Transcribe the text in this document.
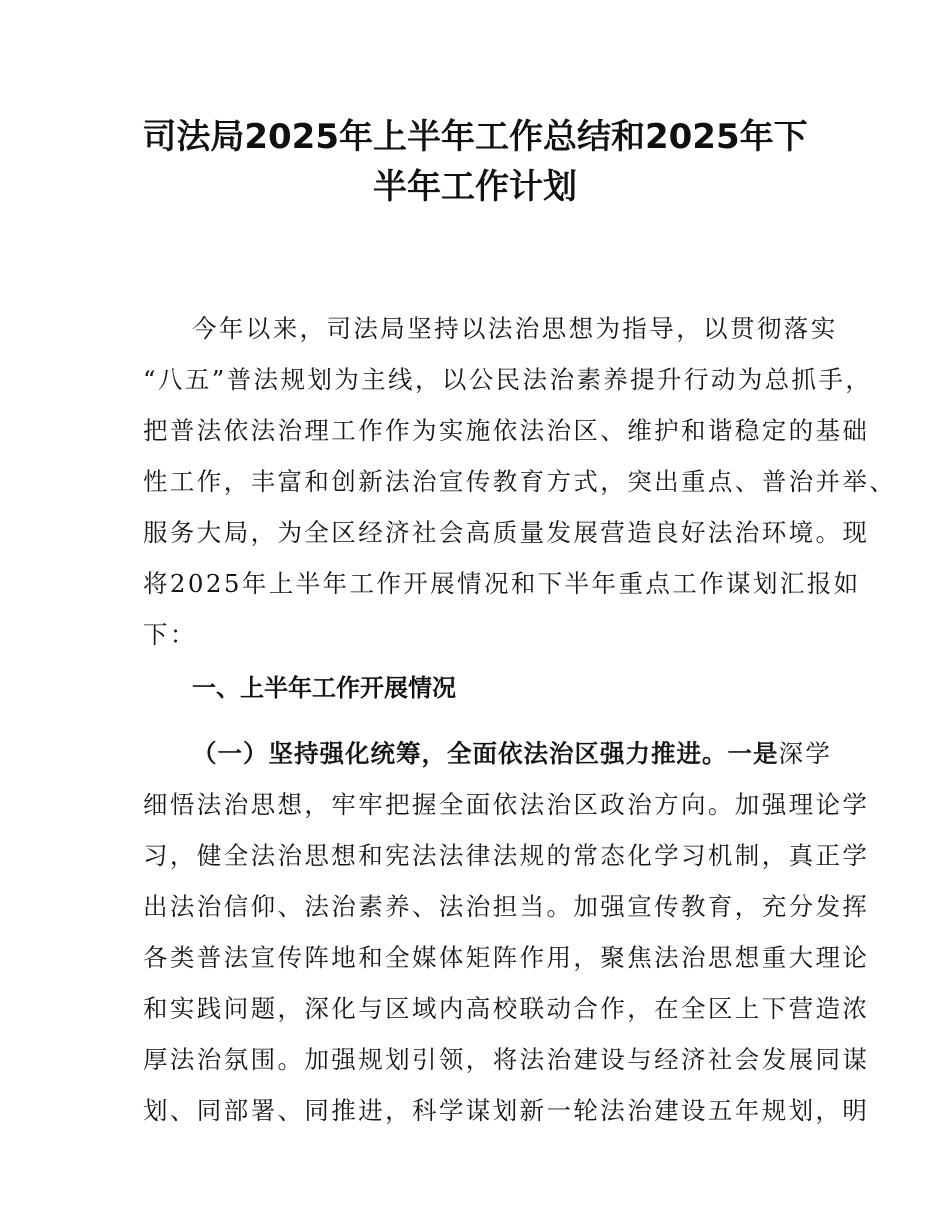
司法局2025年上半年工作总结和2025年下
半年工作计划
今年以来，司法局坚持以法治思想为指导，以贯彻落实
“八五”普法规划为主线，以公民法治素养提升行动为总抓手，
把普法依法治理工作作为实施依法治区、维护和谐稳定的基础
性工作，丰富和创新法治宣传教育方式，突出重点、普治并举、
服务大局，为全区经济社会高质量发展营造良好法治环境。现
将2025年上半年工作开展情况和下半年重点工作谋划汇报如
下：
一、上半年工作开展情况
（一）坚持强化统筹，全面依法治区强力推进。一是深学
细悟法治思想，牢牢把握全面依法治区政治方向。加强理论学
习，健全法治思想和宪法法律法规的常态化学习机制，真正学
出法治信仰、法治素养、法治担当。加强宣传教育，充分发挥
各类普法宣传阵地和全媒体矩阵作用，聚焦法治思想重大理论
和实践问题，深化与区域内高校联动合作，在全区上下营造浓
厚法治氛围。加强规划引领，将法治建设与经济社会发展同谋
划、同部署、同推进，科学谋划新一轮法治建设五年规划，明
